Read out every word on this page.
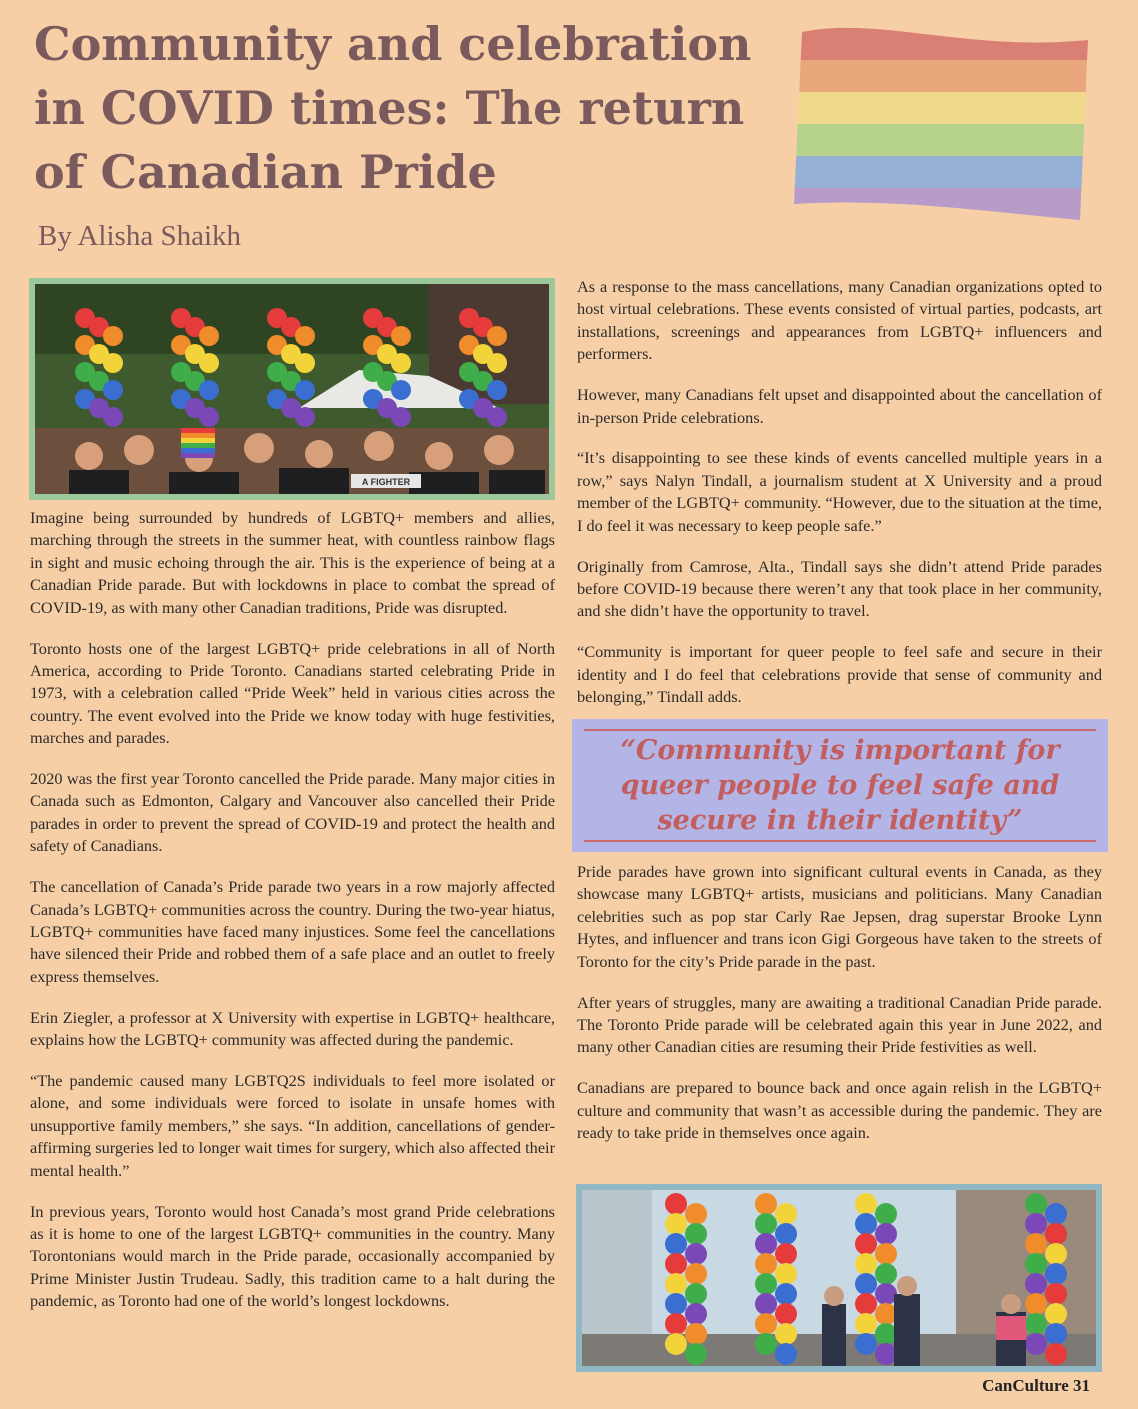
Community and celebration in COVID times: The return of Canadian Pride
By Alisha Shaikh
A FIGHTER

Imagine being surrounded by hundreds of LGBTQ+ members and allies, marching through the streets in the summer heat, with countless rainbow flags in sight and music echoing through the air. This is the experience of being at a Canadian Pride parade. But with lockdowns in place to combat the spread of COVID-19, as with many other Canadian traditions, Pride was disrupted.

Toronto hosts one of the largest LGBTQ+ pride celebrations in all of North America, according to Pride Toronto. Canadians started celebrating Pride in 1973, with a celebration called “Pride Week” held in various cities across the country. The event evolved into the Pride we know today with huge festivities, marches and parades.

2020 was the first year Toronto cancelled the Pride parade. Many major cities in Canada such as Edmonton, Calgary and Vancouver also cancelled their Pride parades in order to prevent the spread of COVID-19 and protect the health and safety of Canadians.

The cancellation of Canada’s Pride parade two years in a row majorly affected Canada’s LGBTQ+ communities across the country. During the two-year hiatus, LGBTQ+ communities have faced many injustices. Some feel the cancellations have silenced their Pride and robbed them of a safe place and an outlet to freely express themselves.

Erin Ziegler, a professor at X University with expertise in LGBTQ+ healthcare, explains how the LGBTQ+ community was affected during the pandemic.

“The pandemic caused many LGBTQ2S individuals to feel more isolated or alone, and some individuals were forced to isolate in unsafe homes with unsupportive family members,” she says. “In addition, cancellations of gender-affirming surgeries led to longer wait times for surgery, which also affected their mental health.”

In previous years, Toronto would host Canada’s most grand Pride celebrations as it is home to one of the largest LGBTQ+ communities in the country. Many Torontonians would march in the Pride parade, occasionally accompanied by Prime Minister Justin Trudeau. Sadly, this tradition came to a halt during the pandemic, as Toronto had one of the world’s longest lockdowns.

As a response to the mass cancellations, many Canadian organizations opted to host virtual celebrations. These events consisted of virtual parties, podcasts, art installations, screenings and appearances from LGBTQ+ influencers and performers.

However, many Canadians felt upset and disappointed about the cancellation of in-person Pride celebrations.

“It’s disappointing to see these kinds of events cancelled multiple years in a row,” says Nalyn Tindall, a journalism student at X University and a proud member of the LGBTQ+ community. “However, due to the situation at the time, I do feel it was necessary to keep people safe.”

Originally from Camrose, Alta., Tindall says she didn’t attend Pride parades before COVID-19 because there weren’t any that took place in her community, and she didn’t have the opportunity to travel.

“Community is important for queer people to feel safe and secure in their identity and I do feel that celebrations provide that sense of community and belonging,” Tindall adds.

“Community is important for queer people to feel safe and secure in their identity”

Pride parades have grown into significant cultural events in Canada, as they showcase many LGBTQ+ artists, musicians and politicians. Many Canadian celebrities such as pop star Carly Rae Jepsen, drag superstar Brooke Lynn Hytes, and influencer and trans icon Gigi Gorgeous have taken to the streets of Toronto for the city’s Pride parade in the past.

After years of struggles, many are awaiting a traditional Canadian Pride parade. The Toronto Pride parade will be celebrated again this year in June 2022, and many other Canadian cities are resuming their Pride festivities as well.

Canadians are prepared to bounce back and once again relish in the LGBTQ+ culture and community that wasn’t as accessible during the pandemic. They are ready to take pride in themselves once again.

CanCulture 31
